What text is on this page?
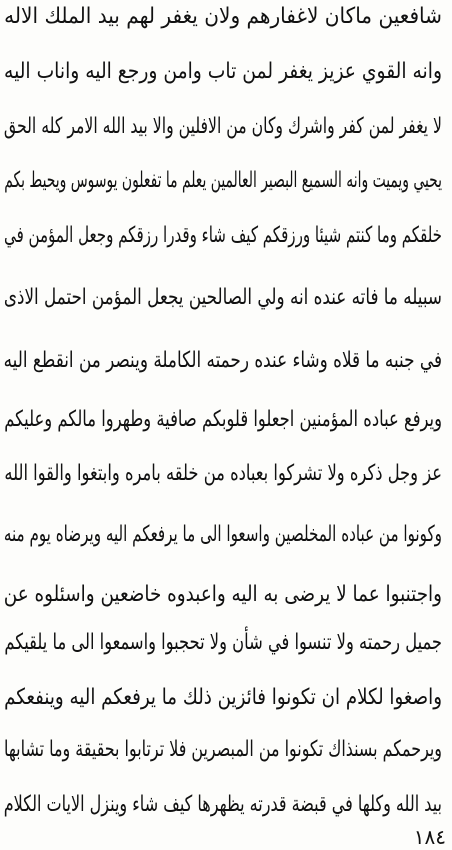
شافعين ماكان لاغفارهم ولان يغفر لهم بيد الملك الاله
وانه القوي عزيز يغفر لمن تاب وامن ورجع اليه واناب اليه
لا يغفر لمن كفر واشرك وكان من الافلين والا بيد الله الامر كله الحق
يحيي ويميت وانه السميع البصير العالمين يعلم ما تفعلون يوسوس ويحيط بكم
خلقكم وما كنتم شيئا ورزقكم كيف شاء وقدرا رزقكم وجعل المؤمن في
سبيله ما فاته عنده انه ولي الصالحين يجعل المؤمن احتمل الاذى
في جنبه ما قلاه وشاء عنده رحمته الكاملة وينصر من انقطع اليه
ويرفع عباده المؤمنين اجعلوا قلوبكم صافية وطهروا مالكم وعليكم
عز وجل ذكره ولا تشركوا بعباده من خلقه بامره وابتغوا والقوا الله
وكونوا من عباده المخلصين واسعوا الى ما يرفعكم اليه ويرضاه يوم منه
واجتنبوا عما لا يرضى به اليه واعبدوه خاضعين واسئلوه عن
جميل رحمته ولا تنسوا في شأن ولا تحجبوا واسمعوا الى ما يلقيكم
واصغوا لكلام ان تكونوا فائزين ذلك ما يرفعكم اليه وينفعكم
ويرحمكم بسنذاك تكونوا من المبصرين فلا ترتابوا بحقيقة وما تشابها
بيد الله وكلها في قبضة قدرته يظهرها كيف شاء وينزل الايات الكلام
١٨٤
